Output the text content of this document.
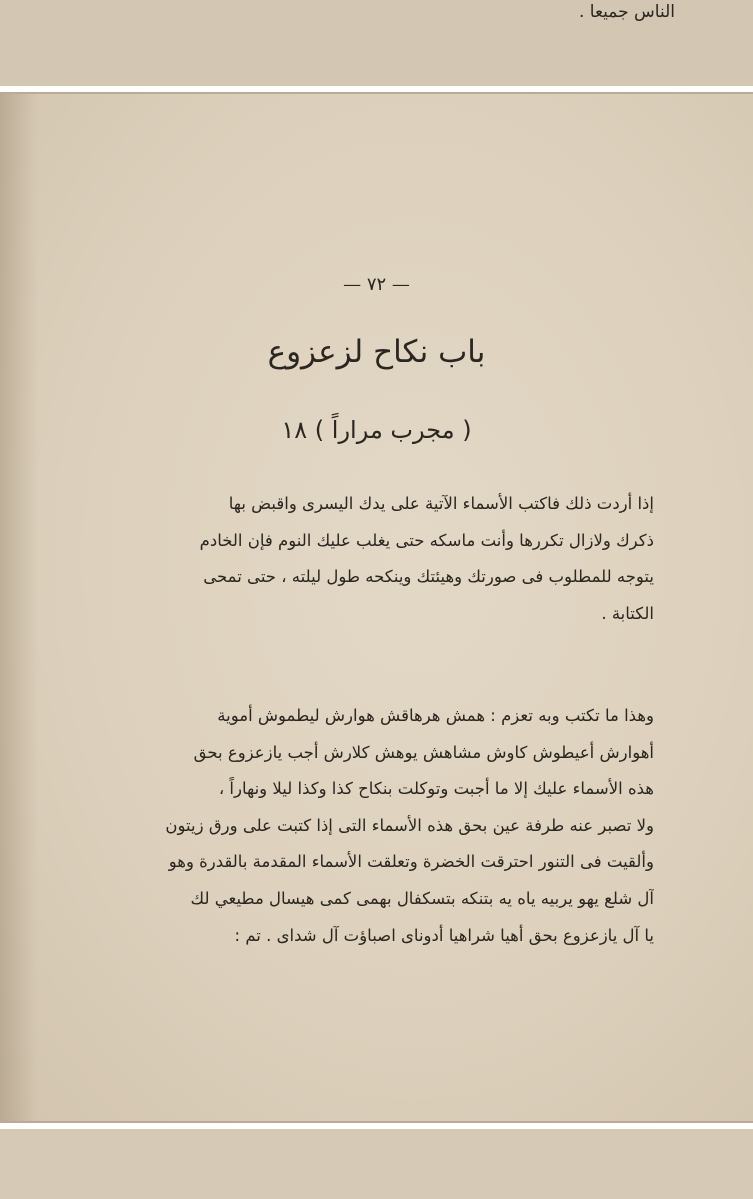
الناس جميعا .
— ٧٢ —
باب نكاح لزعزوع
( مجرب مراراً ) ١٨
إذا أردت ذلك فاكتب الأسماء الآتية على يدك اليسرى واقبض بها
ذكرك ولازال تكررها وأنت ماسكه حتى يغلب عليك النوم فإن الخادم
يتوجه للمطلوب فى صورتك وهيئتك وينكحه طول ليلته ، حتى تمحى
الكتابة .
وهذا ما تكتب وبه تعزم : همش هرهاقش هوارش ليطموش أموية
أهوارش أعيطوش كاوش مشاهش يوهش كلارش أجب يازعزوع بحق
هذه الأسماء عليك إلا ما أجبت وتوكلت بنكاح كذا وكذا ليلا ونهاراً ،
ولا تصبر عنه طرفة عين بحق هذه الأسماء التى إذا كتبت على ورق زيتون
وألقيت فى التنور احترقت الخضرة وتعلقت الأسماء المقدمة بالقدرة وهو
آل شلع يهو يربيه ياه يه بتنكه بتسكفال بهمى كمى هيسال مطيعي لك
يا آل يازعزوع بحق أهيا شراهيا أدوناى اصباؤت آل شداى . تم :
